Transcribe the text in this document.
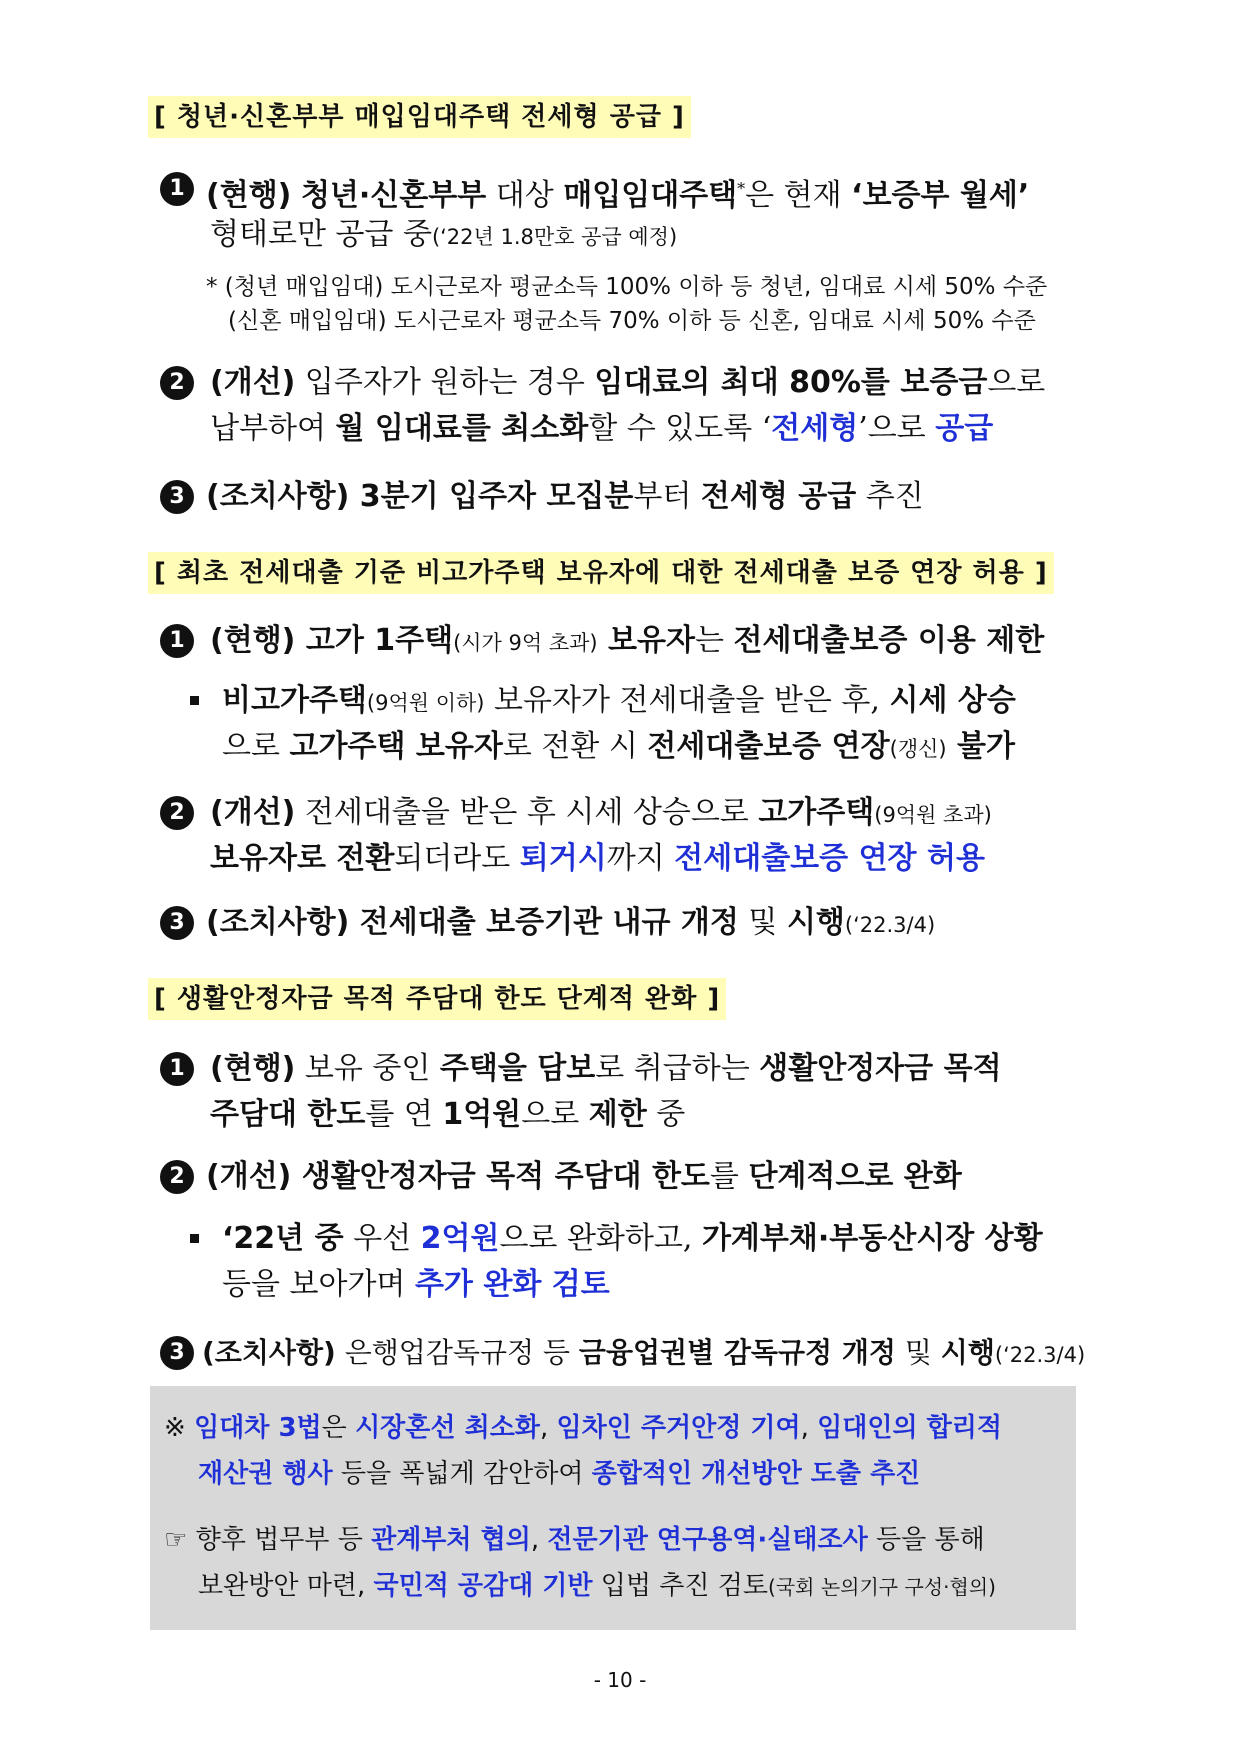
[ 청년·신혼부부 매입임대주택 전세형 공급 ]
1 (현행) 청년·신혼부부 대상 매입임대주택*은 현재 ‘보증부 월세’
형태로만 공급 중(‘22년 1.8만호 공급 예정)
* (청년 매입임대) 도시근로자 평균소득 100% 이하 등 청년, 임대료 시세 50% 수준
(신혼 매입임대) 도시근로자 평균소득 70% 이하 등 신혼, 임대료 시세 50% 수준
2 (개선) 입주자가 원하는 경우 임대료의 최대 80%를 보증금으로
납부하여 월 임대료를 최소화할 수 있도록 ‘전세형’으로 공급
3 (조치사항) 3분기 입주자 모집분부터 전세형 공급 추진
[ 최초 전세대출 기준 비고가주택 보유자에 대한 전세대출 보증 연장 허용 ]
1 (현행) 고가 1주택(시가 9억 초과) 보유자는 전세대출보증 이용 제한
비고가주택(9억원 이하) 보유자가 전세대출을 받은 후, 시세 상승
으로 고가주택 보유자로 전환 시 전세대출보증 연장(갱신) 불가
2 (개선) 전세대출을 받은 후 시세 상승으로 고가주택(9억원 초과)
보유자로 전환되더라도 퇴거시까지 전세대출보증 연장 허용
3 (조치사항) 전세대출 보증기관 내규 개정 및 시행(‘22.3/4)
[ 생활안정자금 목적 주담대 한도 단계적 완화 ]
1 (현행) 보유 중인 주택을 담보로 취급하는 생활안정자금 목적
주담대 한도를 연 1억원으로 제한 중
2 (개선) 생활안정자금 목적 주담대 한도를 단계적으로 완화
‘22년 중 우선 2억원으로 완화하고, 가계부채·부동산시장 상황
등을 보아가며 추가 완화 검토
3 (조치사항) 은행업감독규정 등 금융업권별 감독규정 개정 및 시행(‘22.3/4)
※ 임대차 3법은 시장혼선 최소화, 임차인 주거안정 기여, 임대인의 합리적
재산권 행사 등을 폭넓게 감안하여 종합적인 개선방안 도출 추진
☞ 향후 법무부 등 관계부처 협의, 전문기관 연구용역·실태조사 등을 통해
보완방안 마련, 국민적 공감대 기반 입법 추진 검토(국회 논의기구 구성·협의)
- 10 -
